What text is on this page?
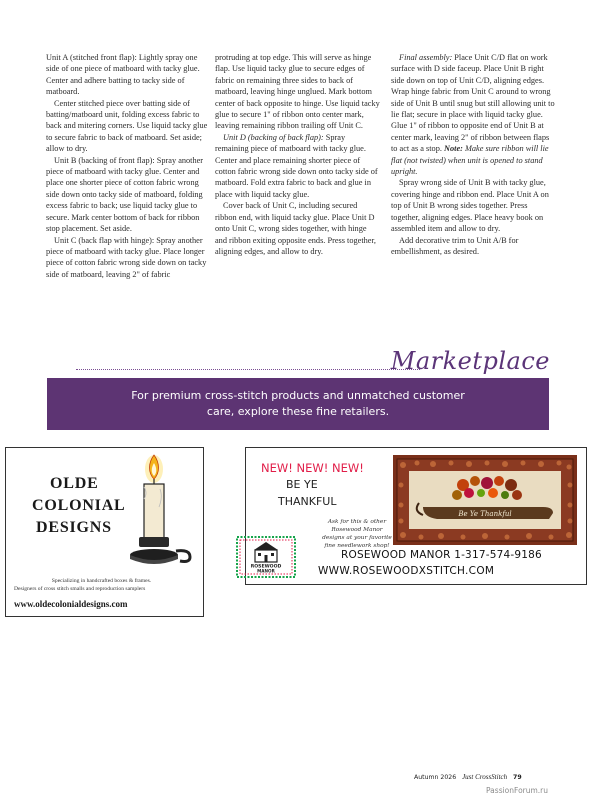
Unit A (stitched front flap): Lightly spray one side of one piece of matboard with tacky glue. Center and adhere batting to tacky side of matboard.

Center stitched piece over batting side of batting/matboard unit, folding excess fabric to back and mitering corners. Use liquid tacky glue to secure fabric to back of matboard. Set aside; allow to dry.

Unit B (backing of front flap): Spray another piece of matboard with tacky glue. Center and place one shorter piece of cotton fabric wrong side down onto tacky side of matboard, folding excess fabric to back; use liquid tacky glue to secure. Mark center bottom of back for ribbon stop placement. Set aside.

Unit C (back flap with hinge): Spray another piece of matboard with tacky glue. Place longer piece of cotton fabric wrong side down on tacky side of matboard, leaving 2" of fabric

protruding at top edge. This will serve as hinge flap. Use liquid tacky glue to secure edges of fabric on remaining three sides to back of matboard, leaving hinge unglued. Mark bottom center of back opposite to hinge. Use liquid tacky glue to secure 1" of ribbon onto center mark, leaving remaining ribbon trailing off Unit C.

Unit D (backing of back flap): Spray remaining piece of matboard with tacky glue. Center and place remaining shorter piece of cotton fabric wrong side down onto tacky side of matboard. Fold extra fabric to back and glue in place with liquid tacky glue.

Cover back of Unit C, including secured ribbon end, with liquid tacky glue. Place Unit D onto Unit C, wrong sides together, with hinge and ribbon exiting opposite ends. Press together, aligning edges, and allow to dry.

Final assembly: Place Unit C/D flat on work surface with D side faceup. Place Unit B right side down on top of Unit C/D, aligning edges. Wrap hinge fabric from Unit C around to wrong side of Unit B until snug but still allowing unit to lie flat; secure in place with liquid tacky glue. Glue 1" of ribbon to opposite end of Unit B at center mark, leaving 2" of ribbon between flaps to act as a stop. Note: Make sure ribbon will lie flat (not twisted) when unit is opened to stand upright.

Spray wrong side of Unit B with tacky glue, covering hinge and ribbon end. Place Unit A on top of Unit B wrong sides together. Press together, aligning edges. Place heavy book on assembled item and allow to dry.

Add decorative trim to Unit A/B for embellishment, as desired.

Marketplace
For premium cross-stitch products and unmatched customer
care, explore these fine retailers.
OLDE
COLONIAL
DESIGNS
Specializing in handcrafted boxes & frames.
Designers of cross stitch smalls and reproduction samplers
www.oldecolonialdesigns.com
NEW! NEW! NEW!
BE YE
THANKFUL
Ask for this & other
Rosewood Manor
designs at your favorite
fine needlework shop!
ROSEWOOD
MANOR
Be Ye Thankful
ROSEWOOD MANOR 1-317-574-9186
WWW.ROSEWOODXSTITCH.COM
Autumn 2026 Just CrossStitch 79
PassionForum.ru
